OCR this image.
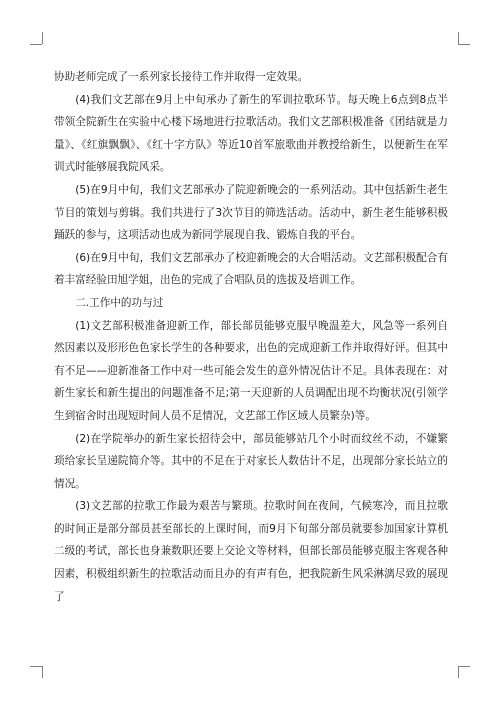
协助老师完成了一系列家长接待工作并取得一定效果。

(4)我们文艺部在9月上中旬承办了新生的军训拉歌环节。每天晚上6点到8点半带领全院新生在实验中心楼下场地进行拉歌活动。我们文艺部积极准备《团结就是力量》、《红旗飘飘》、《红十字方队》等近10首军旅歌曲并教授给新生，以便新生在军训式时能够展我院风采。

(5)在9月中旬，我们文艺部承办了院迎新晚会的一系列活动。其中包括新生老生节目的策划与剪辑。我们共进行了3次节目的筛选活动。活动中，新生老生能够积极踊跃的参与，这项活动也成为新同学展现自我、锻炼自我的平台。

(6)在9月中旬，我们文艺部承办了校迎新晚会的大合唱活动。文艺部积极配合有着丰富经验田旭学姐，出色的完成了合唱队员的选拔及培训工作。

二.工作中的功与过

(1)文艺部积极准备迎新工作，部长部员能够克服早晚温差大，风急等一系列自然因素以及形形色色家长学生的各种要求，出色的完成迎新工作并取得好评。但其中有不足——迎新准备工作中对一些可能会发生的意外情况估计不足。具体表现在：对新生家长和新生提出的问题准备不足;第一天迎新的人员调配出现不均衡状况(引领学生到宿舍时出现短时间人员不足情况，文艺部工作区域人员繁杂)等。

(2)在学院举办的新生家长招待会中，部员能够站几个小时而纹丝不动，不嫌繁琐给家长呈递院简介等。其中的不足在于对家长人数估计不足，出现部分家长站立的情况。

(3)文艺部的拉歌工作最为艰苦与繁琐。拉歌时间在夜间，气候寒冷，而且拉歌的时间正是部分部员甚至部长的上课时间，而9月下旬部分部员就要参加国家计算机二级的考试，部长也身兼数职还要上交论文等材料，但部长部员能够克服主客观各种因素，积极组织新生的拉歌活动而且办的有声有色，把我院新生风采淋漓尽致的展现了
